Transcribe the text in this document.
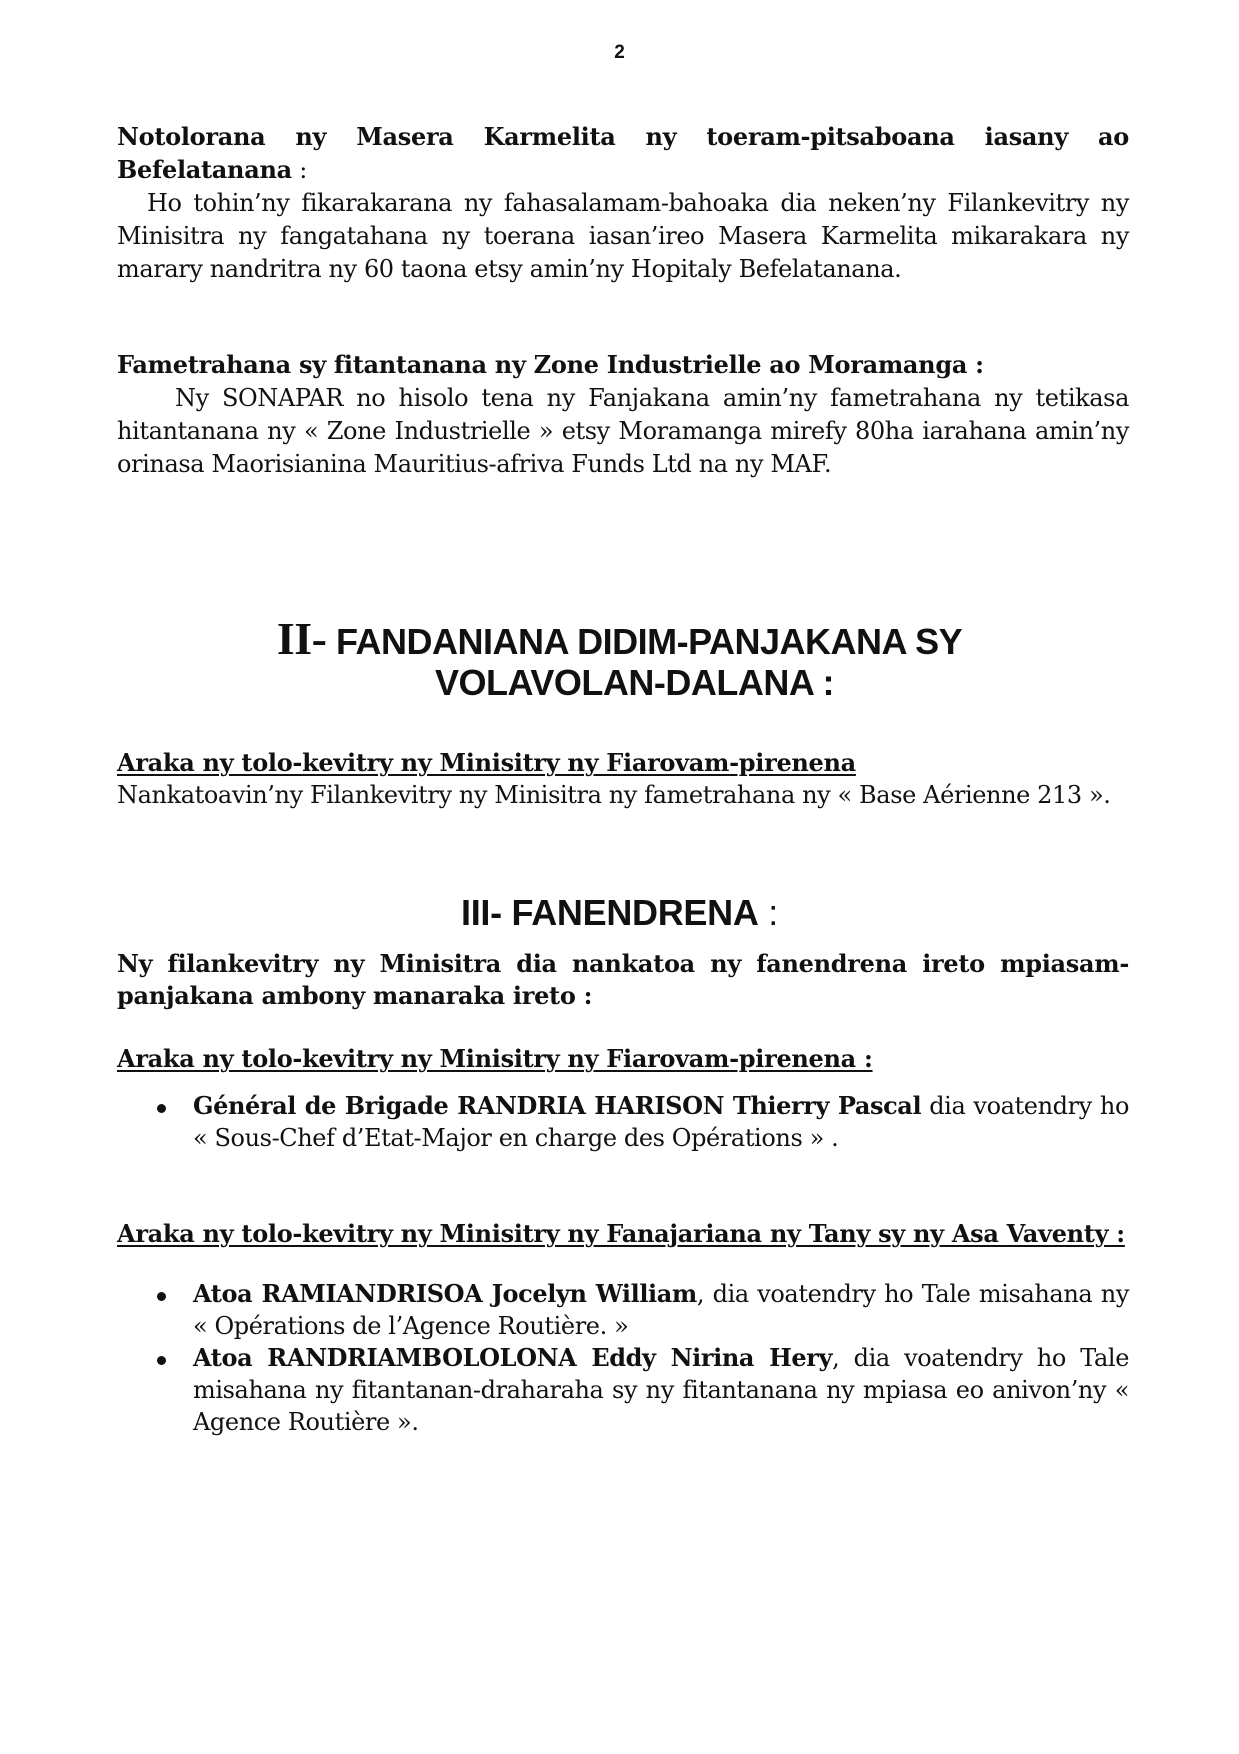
2
Notolorana ny Masera Karmelita ny toeram-pitsaboana iasany ao Befelatanana :
Ho tohin’ny fikarakarana ny fahasalamam-bahoaka dia neken’ny Filankevitry ny Minisitra ny fangatahana ny toerana iasan’ireo Masera Karmelita mikarakara ny marary nandritra ny 60 taona etsy amin’ny Hopitaly Befelatanana.
Fametrahana sy fitantanana ny Zone Industrielle ao Moramanga :
Ny SONAPAR no hisolo tena ny Fanjakana amin’ny fametrahana ny tetikasa hitantanana ny « Zone Industrielle » etsy Moramanga mirefy 80ha iarahana amin’ny orinasa Maorisianina Mauritius-afriva Funds Ltd na ny MAF.
II- FANDANIANA DIDIM-PANJAKANA SY
VOLAVOLAN-DALANA :
Araka ny tolo-kevitry ny Minisitry ny Fiarovam-pirenena
Nankatoavin’ny Filankevitry ny Minisitra ny fametrahana ny « Base Aérienne 213 ».
III- FANENDRENA :
Ny filankevitry ny Minisitra dia nankatoa ny fanendrena ireto mpiasam-panjakana ambony manaraka ireto :
Araka ny tolo-kevitry ny Minisitry ny Fiarovam-pirenena :
Général de Brigade RANDRIA HARISON Thierry Pascal dia voatendry ho « Sous-Chef d’Etat-Major en charge des Opérations » .
Araka ny tolo-kevitry ny Minisitry ny Fanajariana ny Tany sy ny Asa Vaventy :
Atoa RAMIANDRISOA Jocelyn William, dia voatendry ho Tale misahana ny « Opérations de l’Agence Routière. »
Atoa RANDRIAMBOLOLONA Eddy Nirina Hery, dia voatendry ho Tale misahana ny fitantanan-draharaha sy ny fitantanana ny mpiasa eo anivon’ny « Agence Routière ».
